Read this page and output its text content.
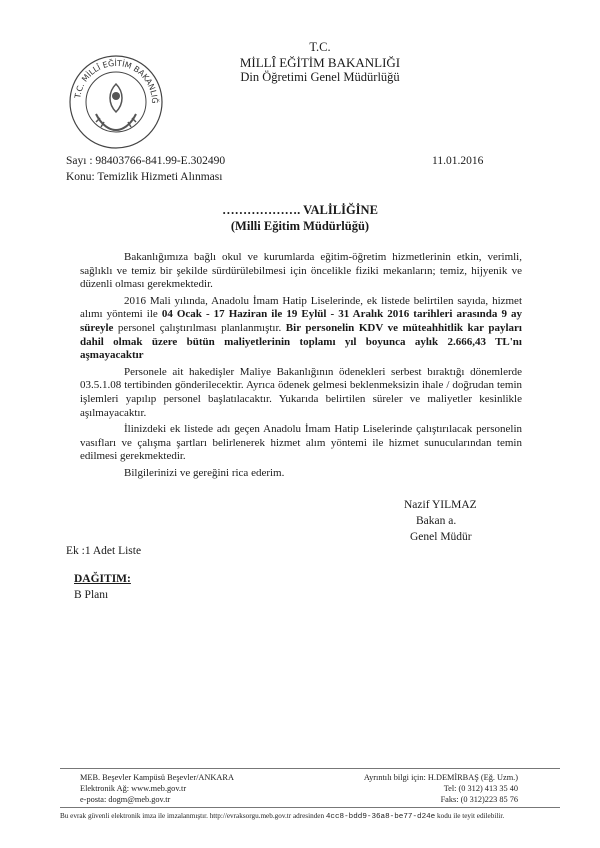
T.C. MİLLÎ EĞİTİM BAKANLIĞ
T.C.
MİLLÎ EĞİTİM BAKANLIĞI
Din Öğretimi Genel Müdürlüğü
Sayı : 98403766-841.99-E.302490
Konu: Temizlik Hizmeti Alınması
11.01.2016
………………. VALİLİĞİNE
(Milli Eğitim Müdürlüğü)

Bakanlığımıza bağlı okul ve kurumlarda eğitim-öğretim hizmetlerinin etkin, verimli, sağlıklı ve temiz bir şekilde sürdürülebilmesi için öncelikle fiziki mekanların; temiz, hijyenik ve düzenli olması gerekmektedir.

2016 Mali yılında, Anadolu İmam Hatip Liselerinde, ek listede belirtilen sayıda, hizmet alımı yöntemi ile 04 Ocak - 17 Haziran ile 19 Eylül - 31 Aralık 2016 tarihleri arasında 9 ay süreyle personel çalıştırılması planlanmıştır. Bir personelin KDV ve müteahhitlik kar payları dahil olmak üzere bütün maliyetlerinin toplamı yıl boyunca aylık 2.666,43 TL'nı aşmayacaktır

Personele ait hakedişler Maliye Bakanlığının ödenekleri serbest bıraktığı dönemlerde 03.5.1.08 tertibinden gönderilecektir. Ayrıca ödenek gelmesi beklenmeksizin ihale / doğrudan temin işlemleri yapılıp personel başlatılacaktır. Yukarıda belirtilen süreler ve maliyetler kesinlikle aşılmayacaktır.

İlinizdeki ek listede adı geçen Anadolu İmam Hatip Liselerinde çalıştırılacak personelin vasıfları ve çalışma şartları belirlenerek hizmet alım yöntemi ile hizmet sunucularından temin edilmesi gerekmektedir.

Bilgilerinizi ve gereğini rica ederim.

Nazif YILMAZ
Bakan a.
Genel Müdür
Ek :1 Adet Liste
DAĞITIM:
B Planı
MEB. Beşevler Kampüsü Beşevler/ANKARA
Elektronik Ağ: www.meb.gov.tr
e-posta: dogm@meb.gov.tr
Ayrıntılı bilgi için: H.DEMİRBAŞ (Eğ. Uzm.)
Tel: (0 312) 413 35 40
Faks: (0 312)223 85 76
Bu evrak güvenli elektronik imza ile imzalanmıştır. http://evraksorgu.meb.gov.tr adresinden 4cc8-bdd9-36a8-be77-d24e kodu ile teyit edilebilir.
